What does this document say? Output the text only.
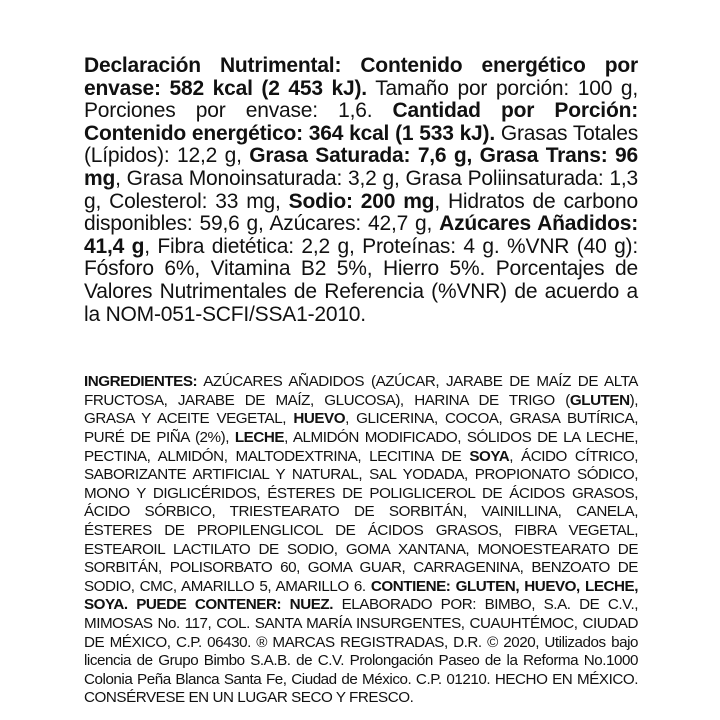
Declaración Nutrimental: Contenido energético por envase: 582 kcal (2 453 kJ). Tamaño por porción: 100 g, Porciones por envase: 1,6. Cantidad por Porción: Contenido energético: 364 kcal (1 533 kJ). Grasas Totales (Lípidos): 12,2 g, Grasa Saturada: 7,6 g, Grasa Trans: 96 mg, Grasa Monoinsaturada: 3,2 g, Grasa Poliinsaturada: 1,3 g, Colesterol: 33 mg, Sodio: 200 mg, Hidratos de carbono disponibles: 59,6 g, Azúcares: 42,7 g, Azúcares Añadidos: 41,4 g, Fibra dietética: 2,2 g, Proteínas: 4 g. %VNR (40 g): Fósforo 6%, Vitamina B2 5%, Hierro 5%. Porcentajes de Valores Nutrimentales de Referencia (%VNR) de acuerdo a la NOM-051-SCFI/SSA1-2010.

INGREDIENTES: AZÚCARES AÑADIDOS (AZÚCAR, JARABE DE MAÍZ DE ALTA FRUCTOSA, JARABE DE MAÍZ, GLUCOSA), HARINA DE TRIGO (GLUTEN), GRASA Y ACEITE VEGETAL, HUEVO, GLICERINA, COCOA, GRASA BUTÍRICA, PURÉ DE PIÑA (2%), LECHE, ALMIDÓN MODIFICADO, SÓLIDOS DE LA LECHE, PECTINA, ALMIDÓN, MALTODEXTRINA, LECITINA DE SOYA, ÁCIDO CÍTRICO, SABORIZANTE ARTIFICIAL Y NATURAL, SAL YODADA, PROPIONATO SÓDICO, MONO Y DIGLICÉRIDOS, ÉSTERES DE POLIGLICEROL DE ÁCIDOS GRASOS, ÁCIDO SÓRBICO, TRIESTEARATO DE SORBITÁN, VAINILLINA, CANELA, ÉSTERES DE PROPILENGLICOL DE ÁCIDOS GRASOS, FIBRA VEGETAL, ESTEAROIL LACTILATO DE SODIO, GOMA XANTANA, MONOESTEARATO DE SORBITÁN, POLISORBATO 60, GOMA GUAR, CARRAGENINA, BENZOATO DE SODIO, CMC, AMARILLO 5, AMARILLO 6. CONTIENE: GLUTEN, HUEVO, LECHE, SOYA. PUEDE CONTENER: NUEZ. ELABORADO POR: BIMBO, S.A. DE C.V., MIMOSAS No. 117, COL. SANTA MARÍA INSURGENTES, CUAUHTÉMOC, CIUDAD DE MÉXICO, C.P. 06430. ® MARCAS REGISTRADAS, D.R. © 2020, Utilizados bajo licencia de Grupo Bimbo S.A.B. de C.V. Prolongación Paseo de la Reforma No.1000 Colonia Peña Blanca Santa Fe, Ciudad de México. C.P. 01210. HECHO EN MÉXICO. CONSÉRVESE EN UN LUGAR SECO Y FRESCO.
